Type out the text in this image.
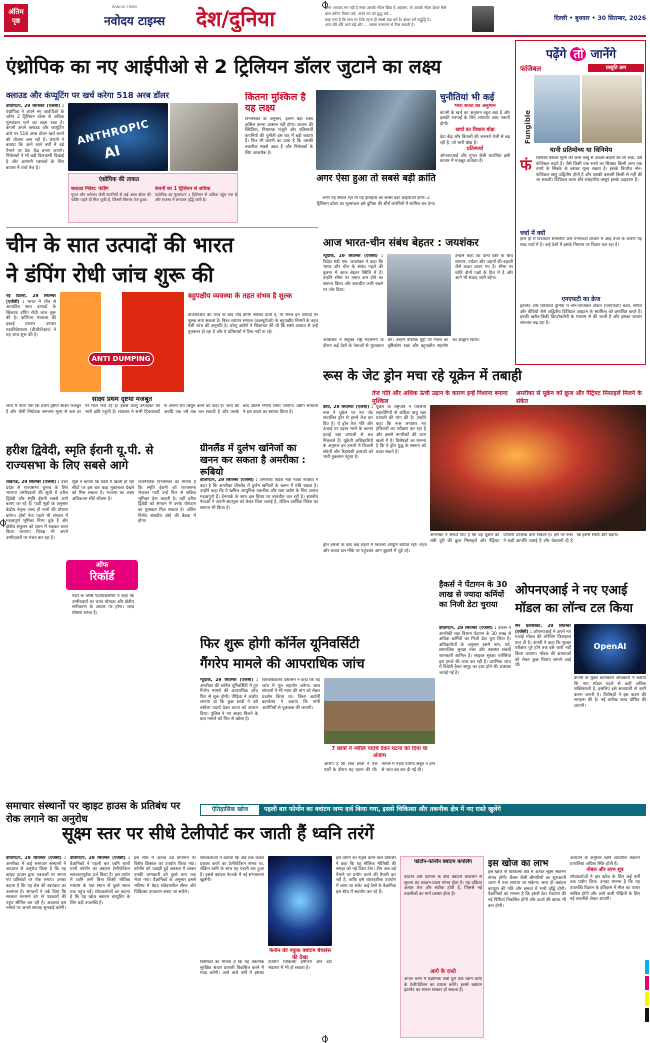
अंतिम
पृष्ठ
RANCHI TIMES
नवोदय टाइम्स	देश/दुनिया	अगर आपका मन नहीं है साफ़ आपके भीतर छिपा है अहंकार, तो आपके भीतर ईश्वर कैसे
वास करेंगे? विचार करें, अपने मन को शुद्ध करें...
कहा गया है कि सत्य पर टिके रहना ही सबसे बड़ा धर्म है। ईश्वर हमें सद्बुद्धि दें।
आप धीरे-धीरे आगे बढ़ें और ... आत्मा परमात्मा से मिल सकती है।
दिल्ली • बुधवार • 30 सितम्बर, 2026
एंथ्रोपिक का नए आईपीओ से 2 ट्रिलियन डॉलर जुटाने का लक्ष्य
क्लाउड और कंप्यूटिंग पर खर्च करेगा 518 अरब डॉलर	कितना मुश्किल है यह लक्ष्य
चुनौतियां भी कई

वॉशिंगटन, 29 सितम्बर (एजेंसी) : एंथ्रोपिक ने अपने नए आईपीओ के जरिए 2 ट्रिलियन डॉलर से अधिक मूल्यांकन पाने का लक्ष्य रखा है। कंपनी अपने क्लाउड और कंप्यूटिंग ढांचे पर 518 अरब डॉलर खर्च करने की योजना बना रही है। कंपनी ने बताया कि आने वाले वर्षों में बड़े पैमाने पर डेटा केंद्र बनाए जाएंगे। निवेशकों ने भी बड़ी दिलचस्पी दिखाई है और आगामी प्रस्तावों के लिए बाजार में चर्चा तेज है।

ANTHROPIC
AI
एंथ्रोपिक की ताकत
क्लाउड निवेश: फंडिंग
गूगल और अमेज़न जैसी कंपनियों से कई अरब डॉलर की फंडिंग पहले ही मिल चुकी है, जिससे विस्तार तेज हुआ।
कंपनी का 1 ट्रिलियन से अधिक
एंथ्रोपिक का मूल्यांकन 1 ट्रिलियन से अधिक पहुंच गया है और राजस्व में लगातार वृद्धि जारी है।

विश्लेषकों के अनुसार, इतना बड़ा लक्ष्य हासिल करना आसान नहीं होगा। बाजार की स्थितियां, नियामक मंजूरी और प्रतिस्पर्धी कंपनियों की चुनौती इस राह में बड़ी बाधाएं हैं। फिर भी कंपनी का दावा है कि उसकी तकनीक सबसे उन्नत है और निवेशकों के लिए आकर्षक है।

अगर ऐसा हुआ तो सबसे बड़ी क्रांति
अगर यह सफल रहा तो यह इतिहास का सबसे बड़ा आईपीओ होगा। 2 ट्रिलियन डॉलर का मूल्यांकन इसे दुनिया की शीर्ष कंपनियों में शामिल कर देगा।

भारी बजट का अनुमान

कंपनी के खर्च का अनुमान बहुत बड़ा है और इसकी भरपाई के लिए लगातार आय जरूरी होगी।

खर्चा का विशाल बोझ

डेटा केंद्र और बिजली की जरूरतें तेजी से बढ़ रही हैं, जो भारी बोझ है।

प्रतिस्पर्धा

ओपनएआई और गूगल जैसी कंपनियां इसी बाजार में मजबूत दावेदार हैं।

पढ़ेंगे तो जानेंगे
फंजिबल	प्रस्तुति क्रम
Fungible
यानी प्रतिमोच्य या विनिमेय
फं	जिसकी बराबर मूल्य की अन्य वस्तु से अदला-बदली की जा सके, उसे फंजिबल कहते हैं। जैसे किसी एक रुपये का सिक्का किसी अन्य एक रुपये के सिक्के के बराबर मूल्य रखता है। इसके विपरीत नॉन-फंजिबल वस्तु अद्वितीय होती है और उसकी बराबरी किसी से नहीं की जा सकती। डिजिटल कला और संग्रहणीय वस्तुएं इसके उदाहरण हैं।
चर्चा में क्यों
हाल ही में डिजिटल संपत्तियों और एनएफटी बाजार में आई तेजी के कारण यह शब्द चर्चा में है। कई देशों में इसके नियमन पर विचार चल रहा है।
एनएफटी का क्रेज
इंटरनेट और डिजिटल दुनिया में नॉन-फंजिबल टोकन (एनएफटी) कला, संगीत और वीडियो जैसे अद्वितीय डिजिटल आइटम के स्वामित्व को प्रमाणित करते हैं। इनकी खरीद-बिक्री क्रिप्टोकरेंसी के माध्यम से की जाती है और इसका बाजार लगातार बढ़ रहा है।
चीन के सात उत्पादों की भारत
ने डंपिंग रोधी जांच शुरू की

नई दिल्ली, 29 सितम्बर (एजेंसी) : भारत ने चीन से आयातित सात उत्पादों के खिलाफ डंपिंग रोधी जांच शुरू की है। वाणिज्य मंत्रालय की इकाई व्यापार उपचार महानिदेशालय (डीजीटीआर) ने यह जांच शुरू की है।

ANTI DUMPING
बहुपक्षीय व्यवस्था के तहत संभव है शुल्क
डीजीटीआर की जांच के बाद यदि डंपिंग साबित होती है, तो भारत इन उत्पादों पर शुल्क लगा सकता है। विश्व व्यापार संगठन (डब्ल्यूटीओ) के बहुपक्षीय नियमों के तहत ऐसी जांच की अनुमति है। घरेलू उद्योगों ने शिकायत की थी कि सस्ते आयात से उन्हें नुकसान हो रहा है और वे प्रतिस्पर्धा में टिक नहीं पा रहे।
साक्ष्य प्रथम दृष्टया मजबूत
जांच में पाया गया कि प्रथम दृष्टया साक्ष्य मजबूत हैं और चीनी निर्यातक सामान्य मूल्य से कम दर पर माल भेज रहे हैं। इससे घरेलू उत्पादकों को भारी क्षति पहुंची है। मंत्रालय ने सभी हितधारकों से अपनी राय प्रस्तुत करने को कहा है। जांच की अवधि एक वर्ष तक चल सकती है और उसके बाद अंतिम निर्णय लिया जाएगा। उद्योग संगठनों ने इस कदम का स्वागत किया है।
आज भारत-चीन संबंध बेहतर : जयशंकर

न्यूयॉर्क, 29 सितम्बर (एजेंसी) : विदेश मंत्री एस. जयशंकर ने कहा कि भारत और चीन के संबंध पहले की तुलना में आज बेहतर स्थिति में हैं। उन्होंने सीमा पर तनाव कम होने का स्वागत किया और बातचीत जारी रखने पर जोर दिया।

उन्होंने कहा कि दोनों देशों के बीच व्यापार, पर्यटन और उड़ानों की बहाली जैसे कदम उठाए गए हैं। सीमा पर शांति दोनों पक्षों के हित में है और आगे भी संवाद जारी रहेगा।
जयशंकर ने संयुक्त राष्ट्र महासभा के दौरान कई देशों के नेताओं से मुलाकात की। उन्होंने वैश्विक मुद्दों पर भारत का दृष्टिकोण रखा और बहुपक्षीय सहयोग का आह्वान किया।
रूस के जेट ड्रोन मचा रहे यूक्रेन में तबाही
तेज गति और अधिक ऊंची उड़ान के कारण इन्हें निशाना बनाना मुश्किल
अमरीका से यूक्रेन को क्रूज और पैट्रियट मिसाइलें मिलने के संकेत

कीव, 29 सितम्बर (एजेंसी) : रूस ने यूक्रेन पर नए जेट संचालित ड्रोन से हमले तेज कर दिए हैं। ये ड्रोन तेज गति और ऊंचाई पर उड़ान भरने के कारण हवाई रक्षा प्रणाली से बच निकलते हैं। यूक्रेनी अधिकारियों के अनुसार इन हमलों में बिजली संयंत्रों और रिहायशी इलाकों को भारी नुकसान पहुंचा है।

यूक्रेन के राष्ट्रपति ने पश्चिमी सहयोगियों से अधिक वायु रक्षा प्रणाली की मांग की है। उन्होंने कहा कि रूस लगातार नए हथियारों का परीक्षण कर रहा है और इससे नागरिकों की जान खतरे में है। विशेषज्ञों का मानना है कि ये ड्रोन युद्ध के स्वरूप को बदल सकते हैं।
अमरीका ने संकेत दिए हैं कि वह यूक्रेन को लंबी दूरी की क्रूज मिसाइलें और पैट्रियट प्रणाली उपलब्ध करा सकता है। इस पर रूस ने कड़ी आपत्ति जताई है और चेतावनी दी है कि इससे संघर्ष और बढ़ेगा।
ड्रोन हमलों के बाद कई शहरों में बिजली आपूर्ति बाधित रही। राहत और बचाव दल मौके पर पहुंचकर आग बुझाने में जुटे रहे।
ग्रीनलैंड में दुर्लभ खनिजों का खनन कर सकता है अमरीका : रूबियो

वॉशिंगटन, 29 सितम्बर (एजेंसी) : अमरीकी विदेश मंत्री मार्को रूबियो ने कहा है कि अमरीका ग्रीनलैंड में दुर्लभ खनिजों के खनन में रुचि रखता है। उन्होंने कहा कि ये खनिज आधुनिक तकनीक और रक्षा उद्योग के लिए अत्यंत महत्वपूर्ण हैं। डेनमार्क के साथ इस विषय पर बातचीत चल रही है। स्थानीय नेताओं ने अपनी संप्रभुता को लेकर चिंता जताई है, लेकिन आर्थिक निवेश का स्वागत भी किया है।

हरीश द्विवेदी, स्मृति ईरानी यू.पी. से राज्यसभा के लिए सबसे आगे

लखनऊ, 29 सितम्बर (एजेंसी) : उत्तर प्रदेश से राज्यसभा चुनाव के लिए भाजपा उम्मीदवारों की सूची में हरीश द्विवेदी और स्मृति ईरानी सबसे आगे बताए जा रहे हैं। पार्टी सूत्रों के अनुसार केंद्रीय नेतृत्व जल्द ही नामों की घोषणा करेगा। दोनों नेता पहले भी संगठन में महत्वपूर्ण भूमिका निभा चुके हैं और क्षेत्रीय संतुलन को ध्यान में रखकर चयन किया जाएगा। विपक्ष भी अपने उम्मीदवारों पर मंथन कर रहा है।

सूत्रों ने बताया कि प्रदेश में खाली हो रही सीटों पर इस बार कड़ा मुकाबला देखने को मिल सकता है। भाजपा का लक्ष्य अधिकतम सीटें जीतना है।
राजनीतिक विश्लेषकों का मानना है कि स्मृति ईरानी को राज्यसभा भेजकर पार्टी उन्हें फिर से सक्रिय भूमिका देना चाहती है। वहीं हरीश द्विवेदी को संगठन में उनके योगदान का पुरस्कार मिल सकता है। अंतिम निर्णय संसदीय बोर्ड की बैठक में होगा।
ऑफ
रिकॉर्ड
पार्टी के वरिष्ठ पदाधिकारियों ने कहा कि उम्मीदवारों का चयन योग्यता और क्षेत्रीय समीकरण के आधार पर होगा। जल्द घोषणा संभव है।
फिर शुरू होगी कॉर्नेल यूनिवर्सिटी
गैंगरेप मामले की आपराधिक जांच

न्यूयॉर्क, 29 सितम्बर (एजेंसी) : अमरीका की कॉर्नेल यूनिवर्सिटी में हुए गैंगरेप मामले की आपराधिक जांच फिर से शुरू होगी। पीड़िता ने आरोप लगाया था कि कुछ छात्रों ने उसे नशीला पदार्थ देकर घटना को अंजाम दिया। पुलिस ने नए साक्ष्य मिलने के बाद मामले को फिर से खोला है।

विश्वविद्यालय प्रशासन ने कहा कि वह जांच में पूरा सहयोग करेगा। छात्र संगठनों ने भी न्याय की मांग को लेकर प्रदर्शन किया था। जिला अटॉर्नी कार्यालय ने बताया कि सभी आरोपियों से पूछताछ की जाएगी।
7 छात्रों ने नशीले पदार्थ देकर घटना को दिया था अंजाम
आरोप है कि सात छात्रों ने एक पार्टी के दौरान यह घटना की थी। मामले में पहले पर्याप्त सबूत न होने से जांच बंद कर दी गई थी।
हैकर्स ने पेंटागन के 30 लाख से ज्यादा कर्मियों का निजी डेटा चुराया

वॉशिंगटन, 29 सितम्बर (एजेंसी) : हैकर्स ने अमरीकी रक्षा विभाग पेंटागन के 30 लाख से अधिक कर्मियों का निजी डेटा चुरा लिया है। अधिकारियों के अनुसार इसमें नाम, पते, सामाजिक सुरक्षा नंबर और स्वास्थ्य संबंधी जानकारी शामिल है। साइबर सुरक्षा एजेंसियां इस हमले की जांच कर रही हैं। प्रारंभिक जांच में विदेशी हैकर समूह का हाथ होने की आशंका जताई गई है।

ओपनएआई ने नए एआई
मॉडल का लॉन्च टल किया

सैन फ्रांसिस्को, 29 सितम्बर (एजेंसी) : ओपनएआई ने अपने नए एआई मॉडल की लॉन्चिंग फिलहाल टाल दी है। कंपनी ने कहा कि सुरक्षा परीक्षण पूरे होने तक इसे जारी नहीं किया जाएगा। मॉडल की क्षमताओं को लेकर कुछ चिंताएं सामने आई थीं।

OpenAI
कंपनी के मुख्य कार्यकारी अधिकारी ने बताया कि नया मॉडल पहले से कहीं अधिक शक्तिशाली है, इसलिए इसे सावधानी से जारी करना जरूरी है। विशेषज्ञों ने इस कदम की सराहना की है। नई तारीख जल्द घोषित की जाएगी।
समाचार संस्थानों पर व्हाइट हाउस के प्रतिबंध पर रोक लगाने का अनुरोध
ऐतिहासिक खोज	पहली बार फोनोंन का क्वांटम जम्प दर्ज किया गया, इससे चिकित्सा और तकनीक क्षेत्र में नए रास्ते खुलेंगे
सूक्ष्म स्तर पर सीधे टेलीपोर्ट कर जाती हैं ध्वनि तरंगें

वॉशिंगटन, 29 सितम्बर (एजेंसी) : अमरीका में कई समाचार संस्थानों ने अदालत से अनुरोध किया है कि वह व्हाइट हाउस द्वारा पत्रकारों पर लगाए गए प्रतिबंधों पर रोक लगाए। उनका कहना है कि यह प्रेस की स्वतंत्रता का उल्लंघन है। संगठनों ने तर्क दिया कि सरकार मनमाने ढंग से पत्रकारों की पहुंच सीमित कर रही है। अदालत इस मामले पर अगले सप्ताह सुनवाई करेगी।

वॉशिंगटन, 29 सितम्बर (एजेंसी) : वैज्ञानिकों ने पहली बार ध्वनि कणों यानी फोनोंन का क्वांटम टेलीपोर्टेशन सफलतापूर्वक दर्ज किया है। इस प्रयोग में ध्वनि तरंगें बिना किसी भौतिक माध्यम के एक स्थान से दूसरे स्थान तक पहुंच गईं। शोधकर्ताओं का कहना है कि यह खोज क्वांटम कंप्यूटिंग के लिए बड़ी उपलब्धि है।

इस शोध में अत्यंत ठंडे तापमान पर विशेष क्रिस्टल का उपयोग किया गया। फोनोंन को उलझी हुई अवस्था में लाकर उनकी जानकारी को दूसरे कण तक भेजा गया। वैज्ञानिकों के अनुसार इससे भविष्य में बेहद संवेदनशील सेंसर और चिकित्सा उपकरण बनाए जा सकेंगे।
शोधकर्ताओं ने बताया कि अब तक केवल प्रकाश कणों का टेलीपोर्टेशन संभव था, लेकिन ध्वनि के साथ यह पहली बार हुआ है। इससे क्वांटम नेटवर्क में नई संभावनाएं खुलेंगी।
फेनॉन की नकुक क्वांटम बैचलेस की देखा
विशेषज्ञों का मानना है कि यह तकनीक सुरक्षित संचार प्रणाली विकसित करने में मदद करेगी। आने वाले वर्षों में इसका उपयोग चिकित्सा इमेजिंग और डेटा भंडारण में भी हो सकता है।
इस प्रयोग का नेतृत्व करने वाले प्रोफेसर ने कहा कि यह मौलिक भौतिकी की समझ को नई दिशा देगा। टीम अब बड़े पैमाने पर प्रयोग करने की तैयारी कर रही है, ताकि इसे व्यावहारिक उपयोग में लाया जा सके। कई देशों के वैज्ञानिक इस शोध में सहयोग कर रहे हैं।
फोटॉन-फोनॉन क्वांटम कपलिंग
फोटॉन और फोनॉन के बीच क्वांटम कपलिंग से सूचना का आदान-प्रदान संभव होता है। यह प्रक्रिया अत्यंत तेज और सटीक होती है, जिससे नई तकनीकों का मार्ग प्रशस्त होता है।
आगे के रास्ते
अगले चरण में वैज्ञानिक लंबी दूरी तक ध्वनि कणों के टेलीपोर्टेशन का प्रयास करेंगे। इससे क्वांटम इंटरनेट का सपना साकार हो सकता है।
इस खोज का लाभ
इस खोज से चिकित्सा क्षेत्र में अत्यंत सूक्ष्म स्कैनिंग संभव होगी। कैंसर जैसी बीमारियों का शुरुआती चरण में पता लगाया जा सकेगा। साथ ही क्वांटम कंप्यूटर की गति और क्षमता में भारी वृद्धि होगी। वैज्ञानिकों का मानना है कि इससे डेटा भंडारण की नई विधियां विकसित होंगी और ऊर्जा की खपत भी कम होगी।

अध्ययन के अनुसार ध्वनि आधारित क्वांटम प्रणालियां अधिक स्थिर होती हैं।

नोबल और लाभ सूत्र

शोधकर्ताओं ने इस खोज के लिए कई वर्षों तक प्रयोग किए। उनका मानना है कि यह उपलब्धि विज्ञान के इतिहास में मील का पत्थर साबित होगी और आने वाली पीढ़ियों के लिए नई तकनीकें लेकर आएगी।
